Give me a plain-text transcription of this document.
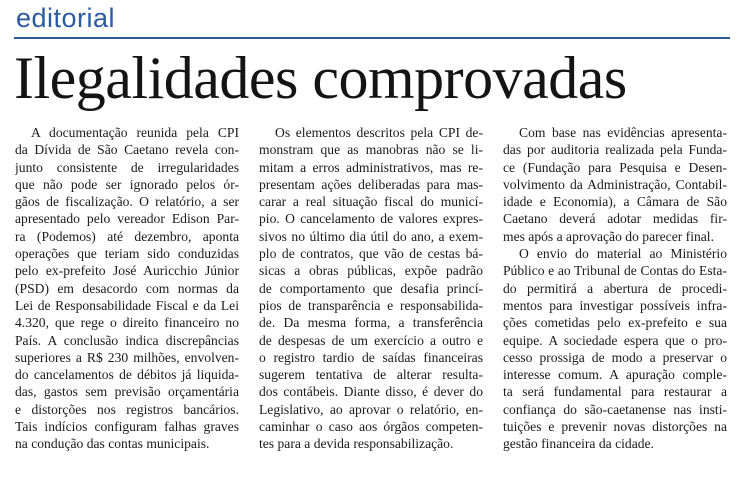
editorial
Ilegalidades comprovadas
A documentação reunida pela CPI
da Dívida de São Caetano revela con-
junto consistente de irregularidades
que não pode ser ignorado pelos ór-
gãos de fiscalização. O relatório, a ser
apresentado pelo vereador Edison Par-
ra (Podemos) até dezembro, aponta
operações que teriam sido conduzidas
pelo ex-prefeito José Auricchio Júnior
(PSD) em desacordo com normas da
Lei de Responsabilidade Fiscal e da Lei
4.320, que rege o direito financeiro no
País. A conclusão indica discrepâncias
superiores a R$ 230 milhões, envolven-
do cancelamentos de débitos já liquida-
das, gastos sem previsão orçamentária
e distorções nos registros bancários.
Tais indícios configuram falhas graves
na condução das contas municipais.
Os elementos descritos pela CPI de-
monstram que as manobras não se li-
mitam a erros administrativos, mas re-
presentam ações deliberadas para mas-
carar a real situação fiscal do municí-
pio. O cancelamento de valores expres-
sivos no último dia útil do ano, a exem-
plo de contratos, que vão de cestas bá-
sicas a obras públicas, expõe padrão
de comportamento que desafia princí-
pios de transparência e responsabilida-
de. Da mesma forma, a transferência
de despesas de um exercício a outro e
o registro tardio de saídas financeiras
sugerem tentativa de alterar resulta-
dos contábeis. Diante disso, é dever do
Legislativo, ao aprovar o relatório, en-
caminhar o caso aos órgãos competen-
tes para a devida responsabilização.
Com base nas evidências apresenta-
das por auditoria realizada pela Funda-
ce (Fundação para Pesquisa e Desen-
volvimento da Administração, Contabil-
idade e Economia), a Câmara de São
Caetano deverá adotar medidas fir-
mes após a aprovação do parecer final.
O envio do material ao Ministério
Público e ao Tribunal de Contas do Esta-
do permitirá a abertura de procedi-
mentos para investigar possíveis infra-
ções cometidas pelo ex-prefeito e sua
equipe. A sociedade espera que o pro-
cesso prossiga de modo a preservar o
interesse comum. A apuração comple-
ta será fundamental para restaurar a
confiança do são-caetanense nas insti-
tuições e prevenir novas distorções na
gestão financeira da cidade.
